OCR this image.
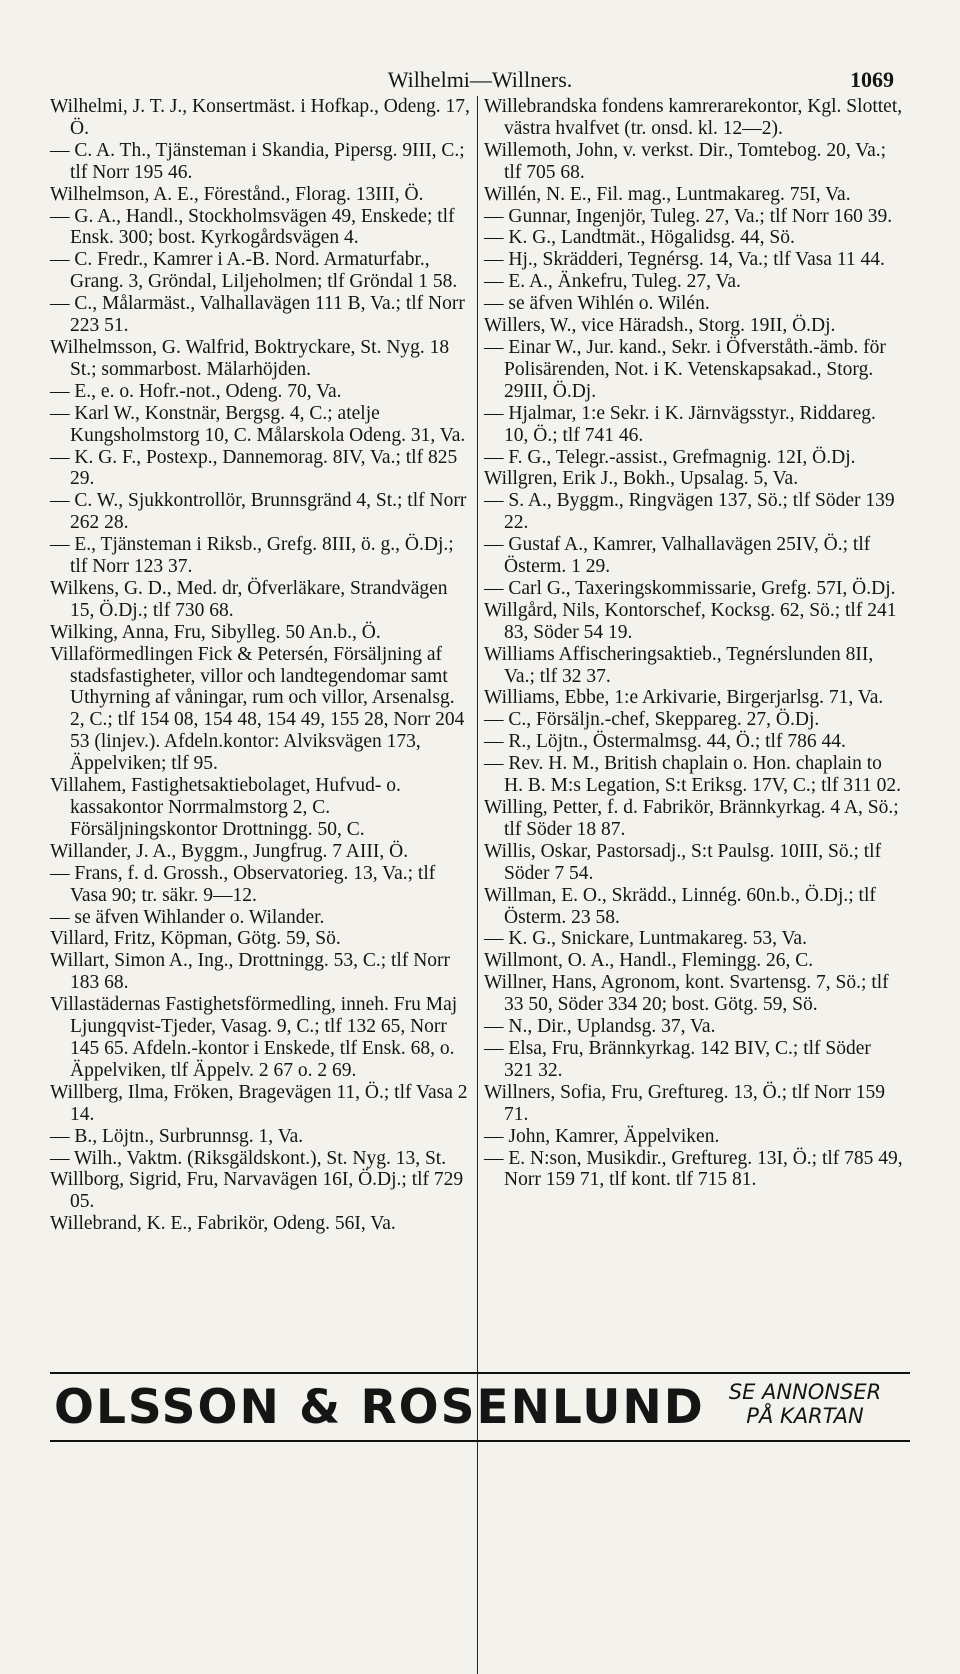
Wilhelmi—Willners.	1069

Wilhelmi, J. T. J., Konsertmäst. i Hofkap., Odeng. 17, Ö.

— C. A. Th., Tjänsteman i Skandia, Pipersg. 9III, C.; tlf Norr 195 46.

Wilhelmson, A. E., Förestånd., Florag. 13III, Ö.

— G. A., Handl., Stockholmsvägen 49, Enskede; tlf Ensk. 300; bost. Kyrkogårdsvägen 4.

— C. Fredr., Kamrer i A.-B. Nord. Armaturfabr., Grang. 3, Gröndal, Liljeholmen; tlf Gröndal 1 58.

— C., Målarmäst., Valhallavägen 111 B, Va.; tlf Norr 223 51.

Wilhelmsson, G. Walfrid, Boktryckare, St. Nyg. 18 St.; sommarbost. Mälarhöjden.

— E., e. o. Hofr.-not., Odeng. 70, Va.

— Karl W., Konstnär, Bergsg. 4, C.; atelje Kungsholmstorg 10, C. Målarskola Odeng. 31, Va.

— K. G. F., Postexp., Dannemorag. 8IV, Va.; tlf 825 29.

— C. W., Sjukkontrollör, Brunnsgränd 4, St.; tlf Norr 262 28.

— E., Tjänsteman i Riksb., Grefg. 8III, ö. g., Ö.Dj.; tlf Norr 123 37.

Wilkens, G. D., Med. dr, Öfverläkare, Strandvägen 15, Ö.Dj.; tlf 730 68.

Wilking, Anna, Fru, Sibylleg. 50 An.b., Ö.

Villaförmedlingen Fick & Petersén, Försäljning af stadsfastigheter, villor och landtegendomar samt Uthyrning af våningar, rum och villor, Arsenalsg. 2, C.; tlf 154 08, 154 48, 154 49, 155 28, Norr 204 53 (linjev.). Afdeln.kontor: Alviksvägen 173, Äppelviken; tlf 95.

Villahem, Fastighetsaktiebolaget, Hufvud- o. kassakontor Norrmalmstorg 2, C. Försäljningskontor Drottningg. 50, C.

Willander, J. A., Byggm., Jungfrug. 7 AIII, Ö.

— Frans, f. d. Grossh., Observatorieg. 13, Va.; tlf Vasa 90; tr. säkr. 9—12.

— se äfven Wihlander o. Wilander.

Villard, Fritz, Köpman, Götg. 59, Sö.

Willart, Simon A., Ing., Drottningg. 53, C.; tlf Norr 183 68.

Villastädernas Fastighetsförmedling, inneh. Fru Maj Ljungqvist-Tjeder, Vasag. 9, C.; tlf 132 65, Norr 145 65. Afdeln.-kontor i Enskede, tlf Ensk. 68, o. Äppelviken, tlf Äppelv. 2 67 o. 2 69.

Willberg, Ilma, Fröken, Bragevägen 11, Ö.; tlf Vasa 2 14.

— B., Löjtn., Surbrunnsg. 1, Va.

— Wilh., Vaktm. (Riksgäldskont.), St. Nyg. 13, St.

Willborg, Sigrid, Fru, Narvavägen 16I, Ö.Dj.; tlf 729 05.

Willebrand, K. E., Fabrikör, Odeng. 56I, Va.

Willebrandska fondens kamrerarekontor, Kgl. Slottet, västra hvalfvet (tr. onsd. kl. 12—2).

Willemoth, John, v. verkst. Dir., Tomtebog. 20, Va.; tlf 705 68.

Willén, N. E., Fil. mag., Luntmakareg. 75I, Va.

— Gunnar, Ingenjör, Tuleg. 27, Va.; tlf Norr 160 39.

— K. G., Landtmät., Högalidsg. 44, Sö.

— Hj., Skrädderi, Tegnérsg. 14, Va.; tlf Vasa 11 44.

— E. A., Änkefru, Tuleg. 27, Va.

— se äfven Wihlén o. Wilén.

Willers, W., vice Häradsh., Storg. 19II, Ö.Dj.

— Einar W., Jur. kand., Sekr. i Öfverståth.-ämb. för Polisärenden, Not. i K. Vetenskapsakad., Storg. 29III, Ö.Dj.

— Hjalmar, 1:e Sekr. i K. Järnvägsstyr., Riddareg. 10, Ö.; tlf 741 46.

— F. G., Telegr.-assist., Grefmagnig. 12I, Ö.Dj.

Willgren, Erik J., Bokh., Upsalag. 5, Va.

— S. A., Byggm., Ringvägen 137, Sö.; tlf Söder 139 22.

— Gustaf A., Kamrer, Valhallavägen 25IV, Ö.; tlf Österm. 1 29.

— Carl G., Taxeringskommissarie, Grefg. 57I, Ö.Dj.

Willgård, Nils, Kontorschef, Kocksg. 62, Sö.; tlf 241 83, Söder 54 19.

Williams Affischeringsaktieb., Tegnérslunden 8II, Va.; tlf 32 37.

Williams, Ebbe, 1:e Arkivarie, Birgerjarlsg. 71, Va.

— C., Försäljn.-chef, Skeppareg. 27, Ö.Dj.

— R., Löjtn., Östermalmsg. 44, Ö.; tlf 786 44.

— Rev. H. M., British chaplain o. Hon. chaplain to H. B. M:s Legation, S:t Eriksg. 17V, C.; tlf 311 02.

Willing, Petter, f. d. Fabrikör, Brännkyrkag. 4 A, Sö.; tlf Söder 18 87.

Willis, Oskar, Pastorsadj., S:t Paulsg. 10III, Sö.; tlf Söder 7 54.

Willman, E. O., Skrädd., Linnég. 60n.b., Ö.Dj.; tlf Österm. 23 58.

— K. G., Snickare, Luntmakareg. 53, Va.

Willmont, O. A., Handl., Flemingg. 26, C.

Willner, Hans, Agronom, kont. Svartensg. 7, Sö.; tlf 33 50, Söder 334 20; bost. Götg. 59, Sö.

— N., Dir., Uplandsg. 37, Va.

— Elsa, Fru, Brännkyrkag. 142 BIV, C.; tlf Söder 321 32.

Willners, Sofia, Fru, Greftureg. 13, Ö.; tlf Norr 159 71.

— John, Kamrer, Äppelviken.

— E. N:son, Musikdir., Greftureg. 13I, Ö.; tlf 785 49, Norr 159 71, tlf kont. tlf 715 81.

OLSSON & ROSENLUND	SE ANNONSER PÅ KARTAN
